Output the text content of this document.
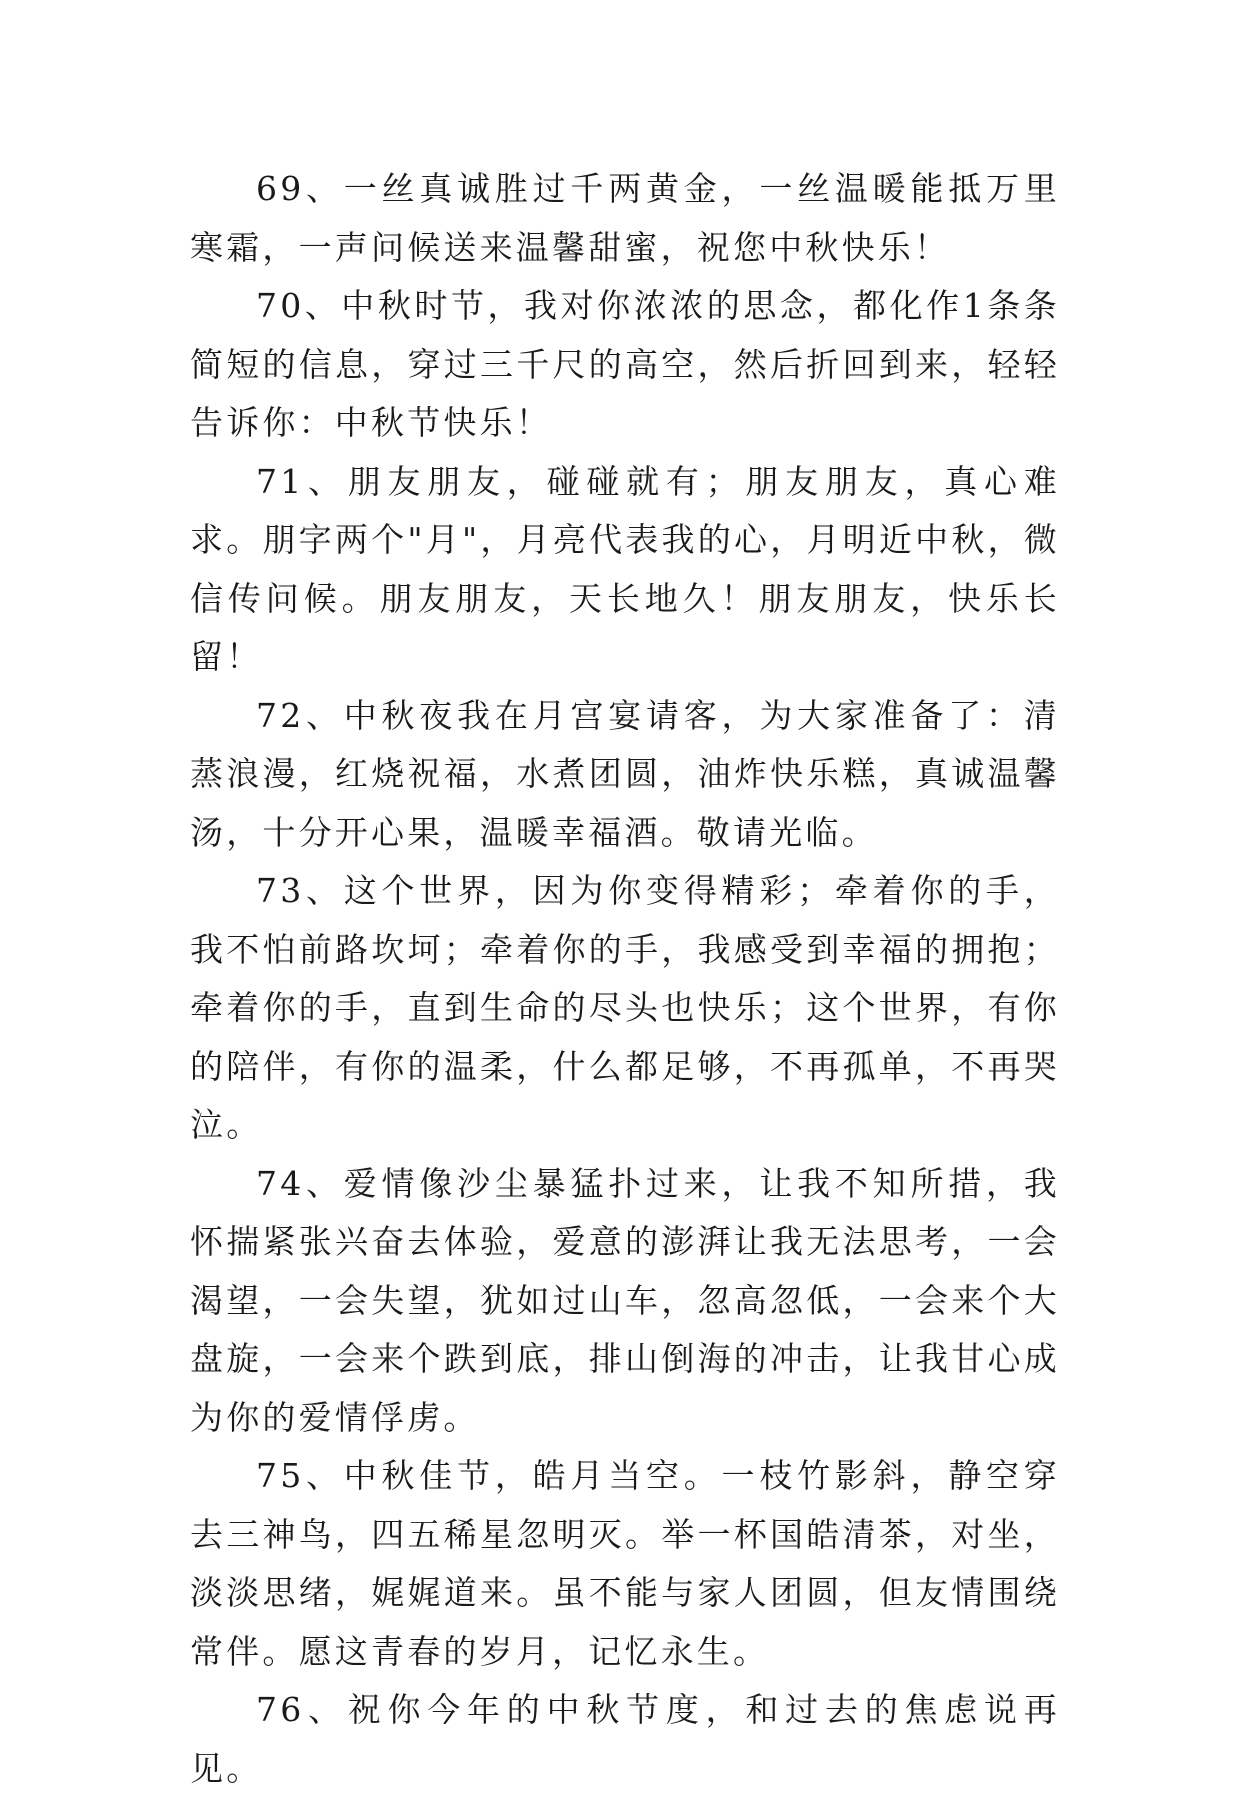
69、一丝真诚胜过千两黄金，一丝温暖能抵万里寒霜，一声问候送来温馨甜蜜，祝您中秋快乐！

70、中秋时节，我对你浓浓的思念，都化作1条条简短的信息，穿过三千尺的高空，然后折回到来，轻轻告诉你：中秋节快乐！

71、朋友朋友，碰碰就有；朋友朋友，真心难求。朋字两个"月"，月亮代表我的心，月明近中秋，微信传问候。朋友朋友，天长地久！朋友朋友，快乐长留！

72、中秋夜我在月宫宴请客，为大家准备了：清蒸浪漫，红烧祝福，水煮团圆，油炸快乐糕，真诚温馨汤，十分开心果，温暖幸福酒。敬请光临。

73、这个世界，因为你变得精彩；牵着你的手，我不怕前路坎坷；牵着你的手，我感受到幸福的拥抱；牵着你的手，直到生命的尽头也快乐；这个世界，有你的陪伴，有你的温柔，什么都足够，不再孤单，不再哭泣。

74、爱情像沙尘暴猛扑过来，让我不知所措，我怀揣紧张兴奋去体验，爱意的澎湃让我无法思考，一会渴望，一会失望，犹如过山车，忽高忽低，一会来个大盘旋，一会来个跌到底，排山倒海的冲击，让我甘心成为你的爱情俘虏。

75、中秋佳节，皓月当空。一枝竹影斜，静空穿去三神鸟，四五稀星忽明灭。举一杯国皓清茶，对坐，淡淡思绪，娓娓道来。虽不能与家人团圆，但友情围绕常伴。愿这青春的岁月，记忆永生。

76、祝你今年的中秋节度，和过去的焦虑说再见。
